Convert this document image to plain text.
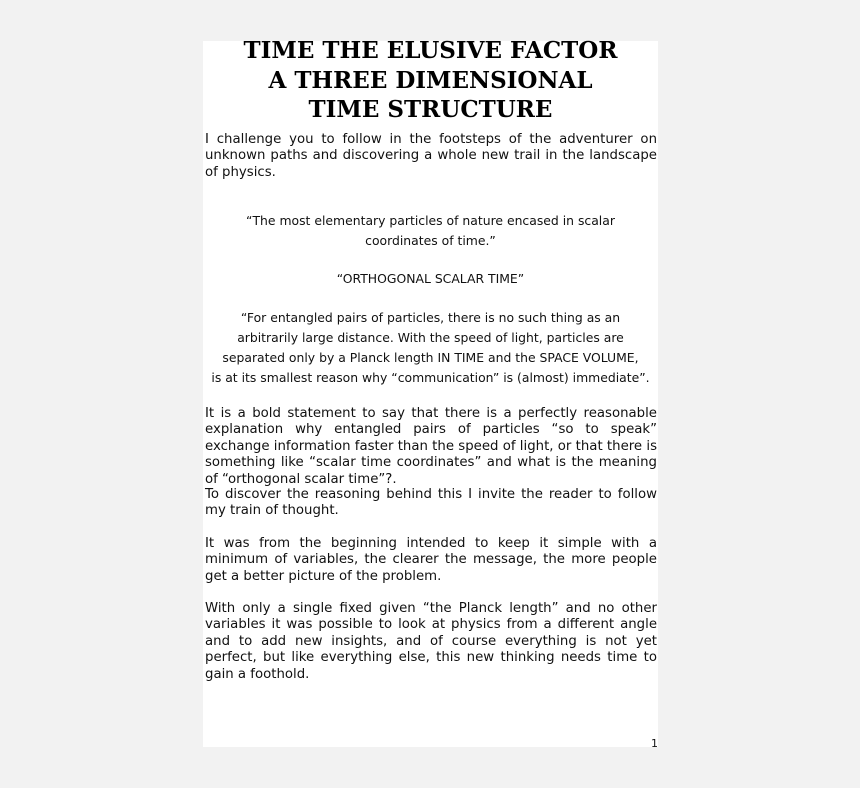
TIME THE ELUSIVE FACTOR
A THREE DIMENSIONAL
TIME STRUCTURE
I challenge you to follow in the footsteps of the adventurer on unknown paths and discovering a whole new trail in the landscape of physics.
“The most elementary particles of nature encased in scalar
coordinates of time.”
“ORTHOGONAL SCALAR TIME”
“For entangled pairs of particles, there is no such thing as an
arbitrarily large distance. With the speed of light, particles are
separated only by a Planck length IN TIME and the SPACE VOLUME,
is at its smallest reason why “communication” is (almost) immediate”.
It is a bold statement to say that there is a perfectly reasonable explanation why entangled pairs of particles “so to speak” exchange information faster than the speed of light, or that there is something like “scalar time coordinates” and what is the meaning of “orthogonal scalar time”?.
To discover the reasoning behind this I invite the reader to follow my train of thought.
It was from the beginning intended to keep it simple with a minimum of variables, the clearer the message, the more people get a better picture of the problem.
With only a single fixed given “the Planck length” and no other variables it was possible to look at physics from a different angle and to add new insights, and of course everything is not yet perfect, but like everything else, this new thinking needs time to gain a foothold.
1
